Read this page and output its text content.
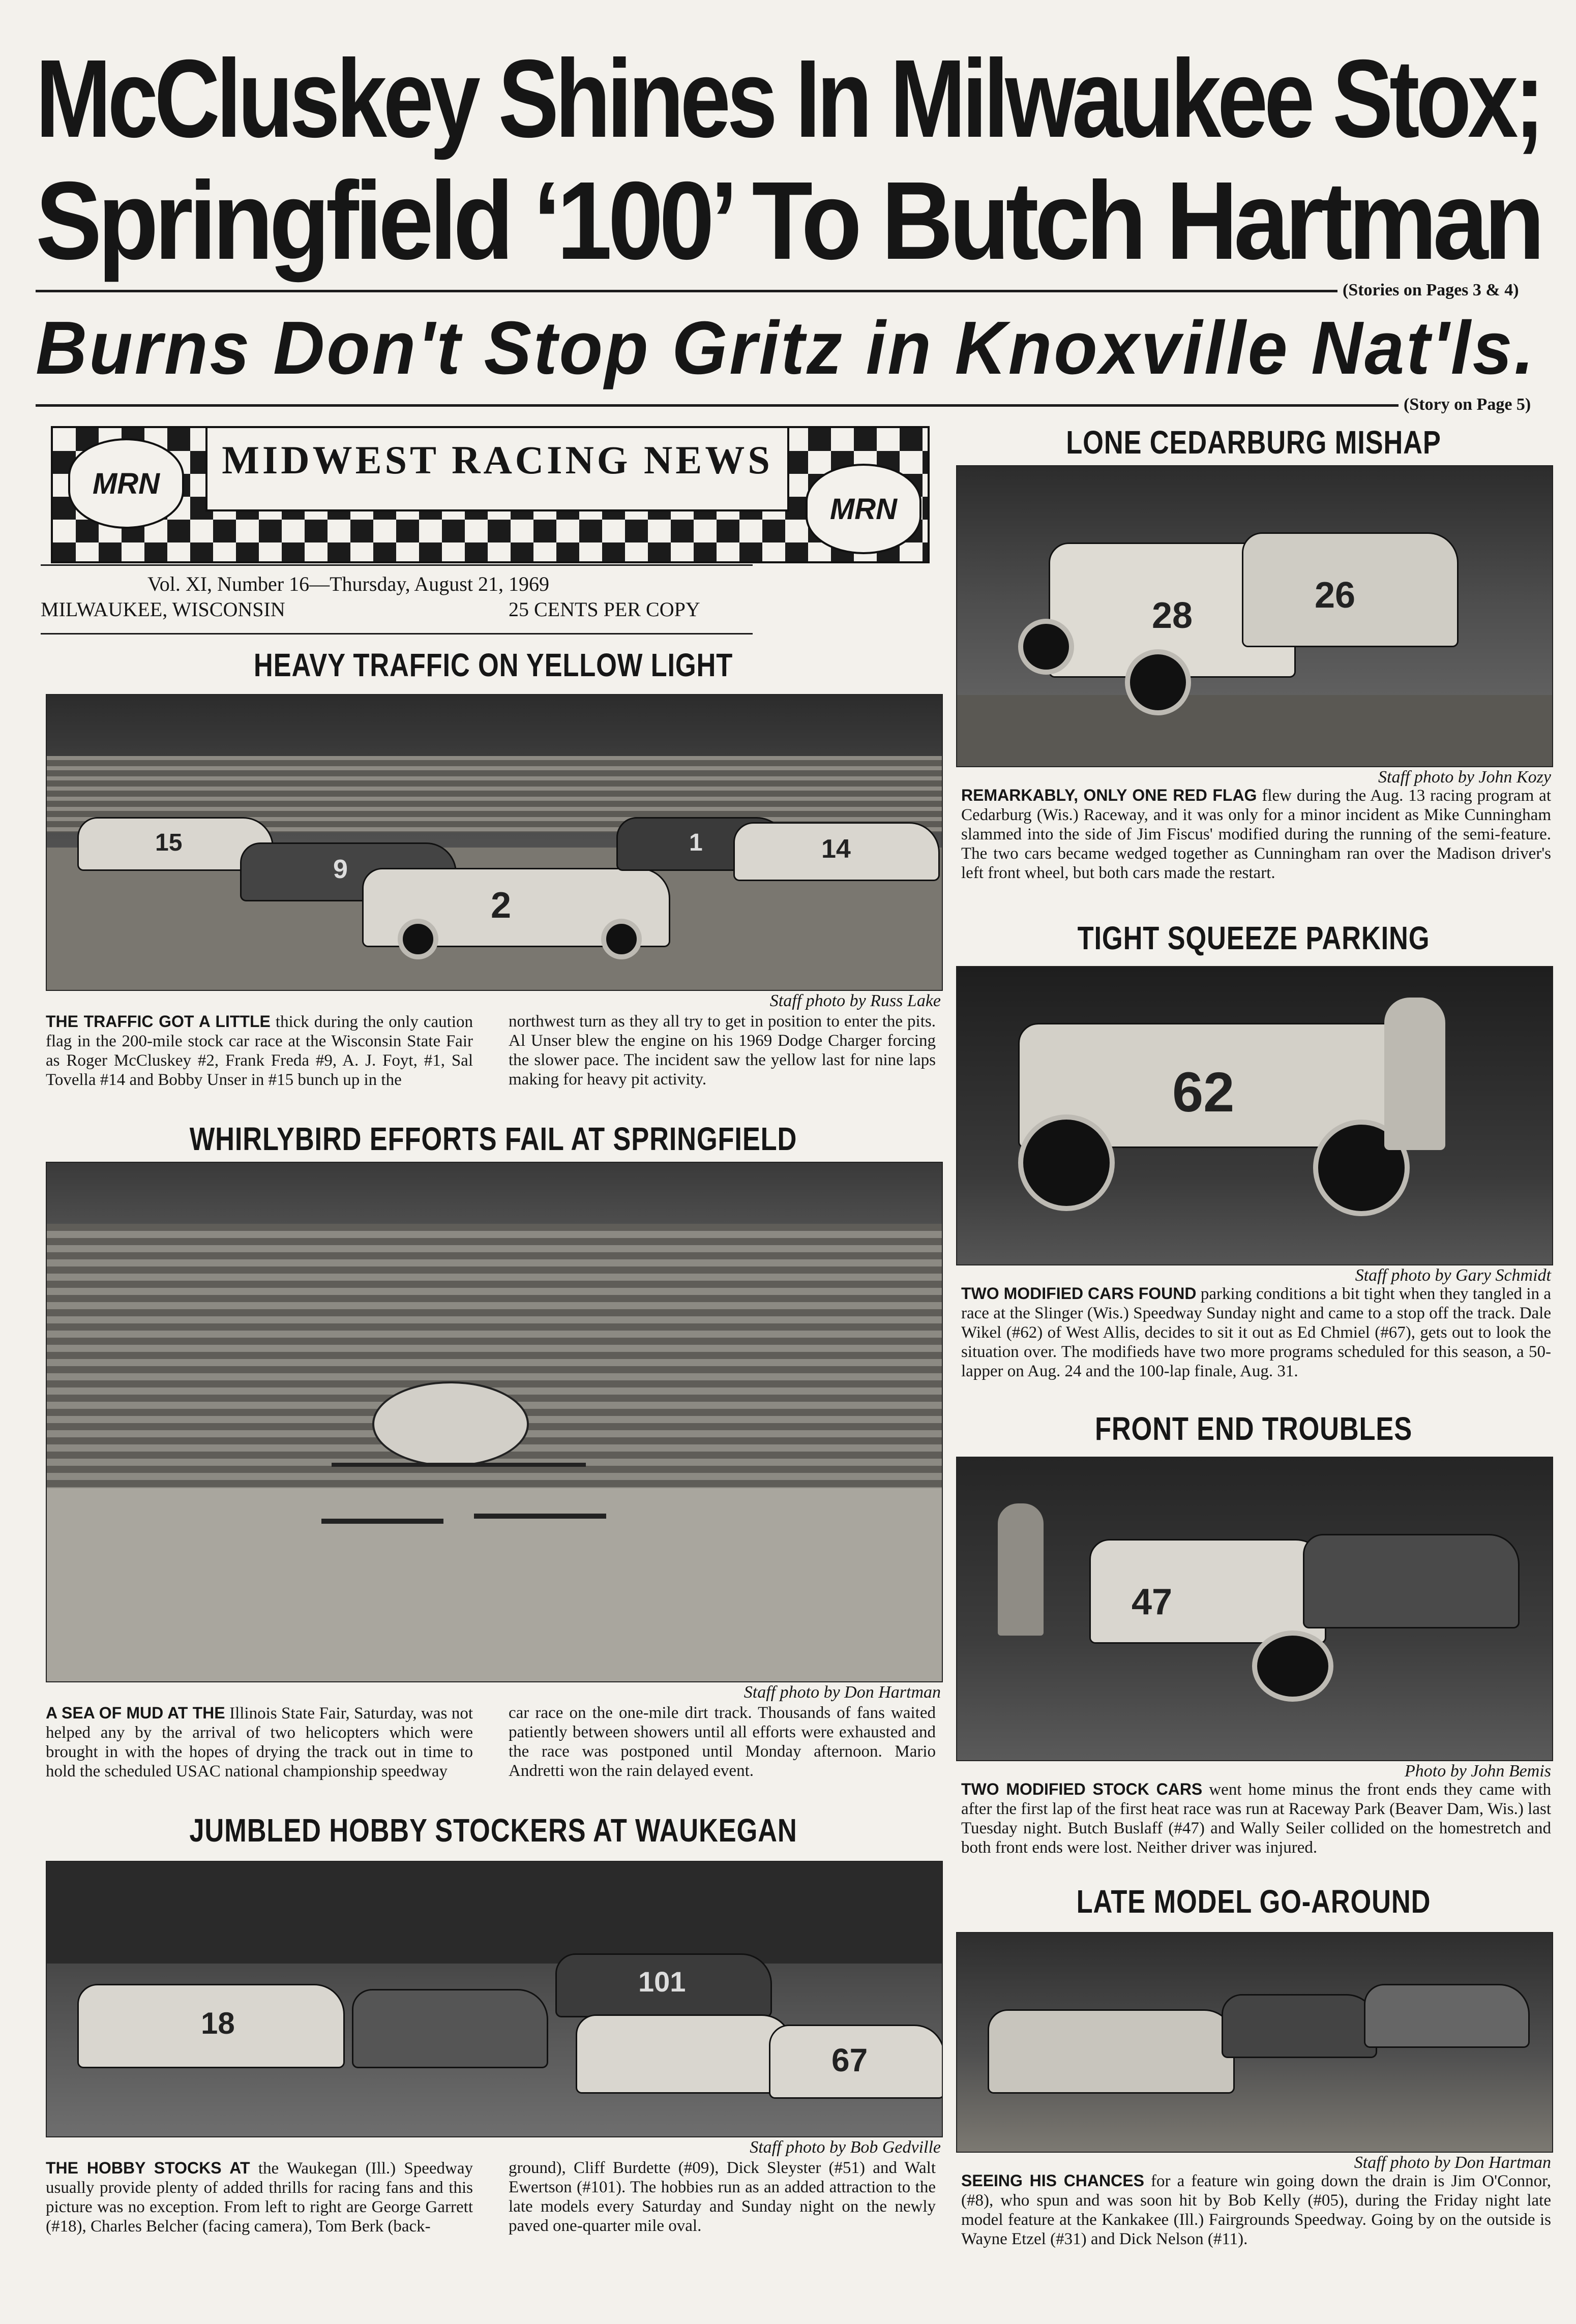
McCluskey Shines In Milwaukee Stox;
Springfield ‘100’ To Butch Hartman
(Stories on Pages 3 & 4)
Burns Don't Stop Gritz in Knoxville Nat'ls.
(Story on Page 5)

MIDWEST RACING NEWS

MRN
MRN
Vol. XI, Number 16—Thursday, August 21, 1969
MILWAUKEE, WISCONSIN	25 CENTS PER COPY
HEAVY TRAFFIC ON YELLOW LIGHT
15
9
2
1	14
Staff photo by Russ Lake

THE TRAFFIC GOT A LITTLE thick during the only caution flag in the 200-mile stock car race at the Wisconsin State Fair as Roger McCluskey #2, Frank Freda #9, A. J. Foyt, #1, Sal Tovella #14 and Bobby Unser in #15 bunch up in the

northwest turn as they all try to get in position to enter the pits. Al Unser blew the engine on his 1969 Dodge Charger forcing the slower pace. The incident saw the yellow last for nine laps making for heavy pit activity.

WHIRLYBIRD EFFORTS FAIL AT SPRINGFIELD
Staff photo by Don Hartman

A SEA OF MUD AT THE Illinois State Fair, Saturday, was not helped any by the arrival of two helicopters which were brought in with the hopes of drying the track out in time to hold the scheduled USAC national championship speedway

car race on the one-mile dirt track. Thousands of fans waited patiently between showers until all efforts were exhausted and the race was postponed until Monday afternoon. Mario Andretti won the rain delayed event.

JUMBLED HOBBY STOCKERS AT WAUKEGAN
18
101
67
Staff photo by Bob Gedville

THE HOBBY STOCKS AT the Waukegan (Ill.) Speedway usually provide plenty of added thrills for racing fans and this picture was no exception. From left to right are George Garrett (#18), Charles Belcher (facing camera), Tom Berk (back-

ground), Cliff Burdette (#09), Dick Sleyster (#51) and Walt Ewertson (#101). The hobbies run as an added attraction to the late models every Saturday and Sunday night on the newly paved one-quarter mile oval.

LONE CEDARBURG MISHAP
28	26
Staff photo by John Kozy

REMARKABLY, ONLY ONE RED FLAG flew during the Aug. 13 racing program at Cedarburg (Wis.) Raceway, and it was only for a minor incident as Mike Cunningham slammed into the side of Jim Fiscus' modified during the running of the semi-feature. The two cars became wedged together as Cunningham ran over the Madison driver's left front wheel, but both cars made the restart.

TIGHT SQUEEZE PARKING
62
Staff photo by Gary Schmidt

TWO MODIFIED CARS FOUND parking conditions a bit tight when they tangled in a race at the Slinger (Wis.) Speedway Sunday night and came to a stop off the track. Dale Wikel (#62) of West Allis, decides to sit it out as Ed Chmiel (#67), gets out to look the situation over. The modifieds have two more programs scheduled for this season, a 50-lapper on Aug. 24 and the 100-lap finale, Aug. 31.

FRONT END TROUBLES
47
Photo by John Bemis

TWO MODIFIED STOCK CARS went home minus the front ends they came with after the first lap of the first heat race was run at Raceway Park (Beaver Dam, Wis.) last Tuesday night. Butch Buslaff (#47) and Wally Seiler collided on the homestretch and both front ends were lost. Neither driver was injured.

LATE MODEL GO-AROUND
Staff photo by Don Hartman

SEEING HIS CHANCES for a feature win going down the drain is Jim O'Connor, (#8), who spun and was soon hit by Bob Kelly (#05), during the Friday night late model feature at the Kankakee (Ill.) Fairgrounds Speedway. Going by on the outside is Wayne Etzel (#31) and Dick Nelson (#11).
